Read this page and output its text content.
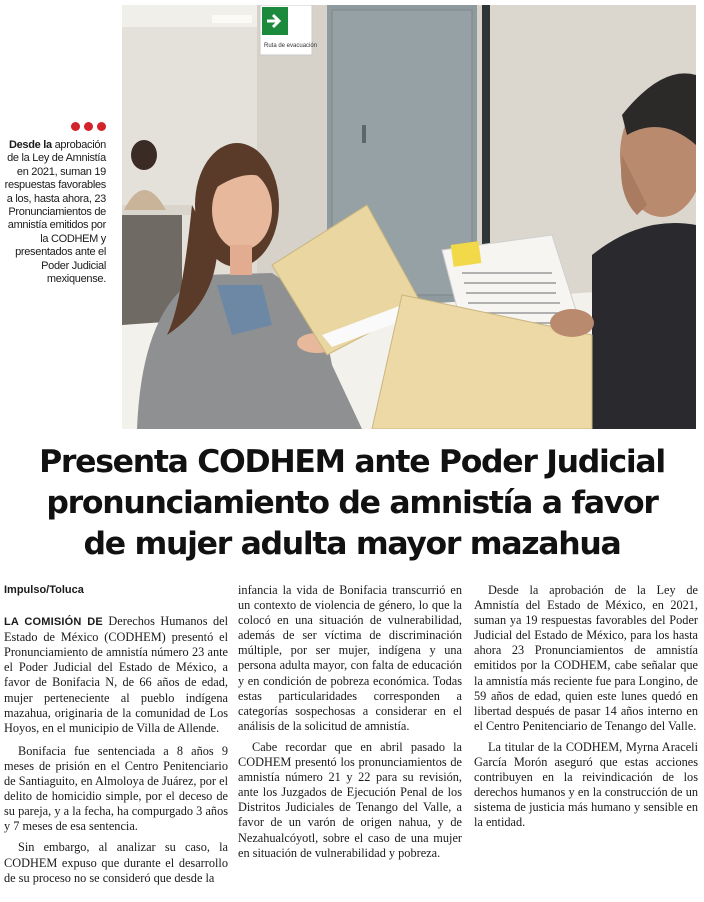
Desde la aprobación de la Ley de Amnistía en 2021, suman 19 respuestas favorables a los, hasta ahora, 23 Pronunciamientos de amnistía emitidos por la CODHEM y presentados ante el Poder Judicial mexiquense.
Ruta de evacuación
Presenta CODHEM ante Poder Judicial
pronunciamiento de amnistía a favor
de mujer adulta mayor mazahua

Impulso/Toluca

LA COMISIÓN DE Derechos Humanos del Estado de México (CODHEM) presentó el Pronunciamiento de amnistía número 23 ante el Poder Judicial del Estado de México, a favor de Bonifacia N, de 66 años de edad, mujer perteneciente al pueblo indígena mazahua, originaria de la comunidad de Los Hoyos, en el municipio de Villa de Allende.

Bonifacia fue sentenciada a 8 años 9 meses de prisión en el Centro Penitenciario de Santiaguito, en Almoloya de Juárez, por el delito de homicidio simple, por el deceso de su pareja, y a la fecha, ha compurgado 3 años y 7 meses de esa sentencia.

Sin embargo, al analizar su caso, la CODHEM expuso que durante el desarrollo de su proceso no se consideró que desde la

infancia la vida de Bonifacia transcurrió en un contexto de violencia de género, lo que la colocó en una situación de vulnerabilidad, además de ser víctima de discriminación múltiple, por ser mujer, indígena y una persona adulta mayor, con falta de educación y en condición de pobreza económica. Todas estas particularidades corresponden a categorías sospechosas a considerar en el análisis de la solicitud de amnistía.

Cabe recordar que en abril pasado la CODHEM presentó los pronunciamientos de amnistía número 21 y 22 para su revisión, ante los Juzgados de Ejecución Penal de los Distritos Judiciales de Tenango del Valle, a favor de un varón de origen nahua, y de Nezahualcóyotl, sobre el caso de una mujer en situación de vulnerabilidad y pobreza.

Desde la aprobación de la Ley de Amnistía del Estado de México, en 2021, suman ya 19 respuestas favorables del Poder Judicial del Estado de México, para los hasta ahora 23 Pronunciamientos de amnistía emitidos por la CODHEM, cabe señalar que la amnistía más reciente fue para Longino, de 59 años de edad, quien este lunes quedó en libertad después de pasar 14 años interno en el Centro Penitenciario de Tenango del Valle.

La titular de la CODHEM, Myrna Araceli García Morón aseguró que estas acciones contribuyen en la reivindicación de los derechos humanos y en la construcción de un sistema de justicia más humano y sensible en la entidad.
